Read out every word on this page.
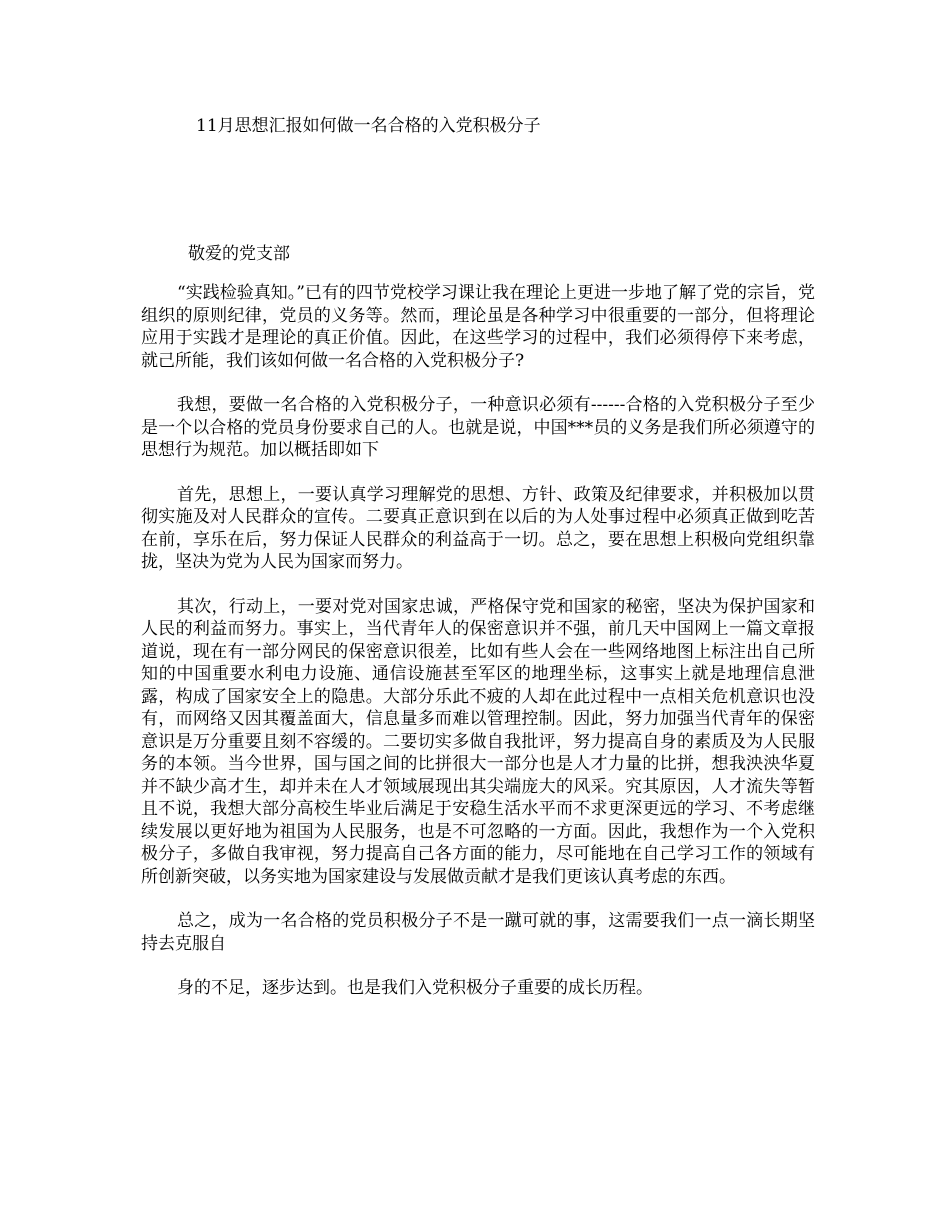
11月思想汇报如何做一名合格的入党积极分子
敬爱的党支部

“实践检验真知。”已有的四节党校学习课让我在理论上更进一步地了解了党的宗旨，党组织的原则纪律，党员的义务等。然而，理论虽是各种学习中很重要的一部分，但将理论应用于实践才是理论的真正价值。因此，在这些学习的过程中，我们必须得停下来考虑，就己所能，我们该如何做一名合格的入党积极分子?

我想，要做一名合格的入党积极分子，一种意识必须有------合格的入党积极分子至少是一个以合格的党员身份要求自己的人。也就是说，中国***员的义务是我们所必须遵守的思想行为规范。加以概括即如下

首先，思想上，一要认真学习理解党的思想、方针、政策及纪律要求，并积极加以贯彻实施及对人民群众的宣传。二要真正意识到在以后的为人处事过程中必须真正做到吃苦在前，享乐在后，努力保证人民群众的利益高于一切。总之，要在思想上积极向党组织靠拢，坚决为党为人民为国家而努力。

其次，行动上，一要对党对国家忠诚，严格保守党和国家的秘密，坚决为保护国家和人民的利益而努力。事实上，当代青年人的保密意识并不强，前几天中国网上一篇文章报道说，现在有一部分网民的保密意识很差，比如有些人会在一些网络地图上标注出自己所知的中国重要水利电力设施、通信设施甚至军区的地理坐标，这事实上就是地理信息泄露，构成了国家安全上的隐患。大部分乐此不疲的人却在此过程中一点相关危机意识也没有，而网络又因其覆盖面大，信息量多而难以管理控制。因此，努力加强当代青年的保密意识是万分重要且刻不容缓的。二要切实多做自我批评，努力提高自身的素质及为人民服务的本领。当今世界，国与国之间的比拼很大一部分也是人才力量的比拼，想我泱泱华夏并不缺少高才生，却并未在人才领域展现出其尖端庞大的风采。究其原因，人才流失等暂且不说，我想大部分高校生毕业后满足于安稳生活水平而不求更深更远的学习、不考虑继续发展以更好地为祖国为人民服务，也是不可忽略的一方面。因此，我想作为一个入党积极分子，多做自我审视，努力提高自己各方面的能力，尽可能地在自己学习工作的领域有所创新突破，以务实地为国家建设与发展做贡献才是我们更该认真考虑的东西。

总之，成为一名合格的党员积极分子不是一蹴可就的事，这需要我们一点一滴长期坚持去克服自

身的不足，逐步达到。也是我们入党积极分子重要的成长历程。
